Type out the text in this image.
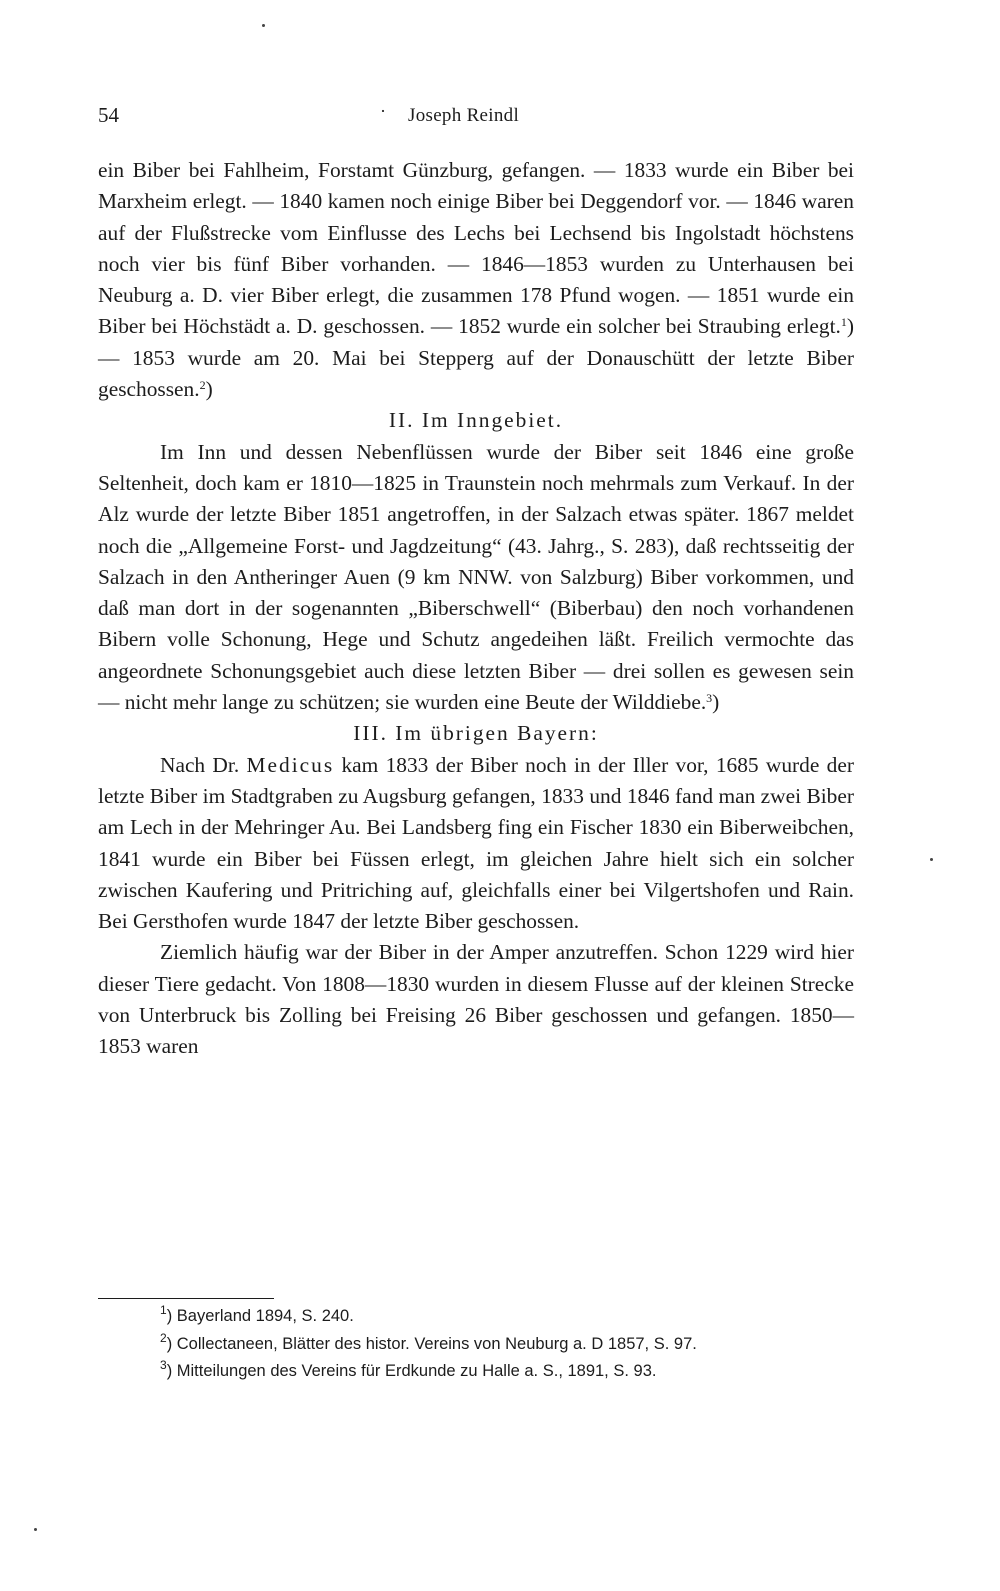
54	· Joseph Reindl

ein Biber bei Fahlheim, Forstamt Günzburg, gefangen. — 1833 wurde ein Biber bei Marxheim erlegt. — 1840 kamen noch einige Biber bei Deggendorf vor. — 1846 waren auf der Flußstrecke vom Einflusse des Lechs bei Lechsend bis Ingolstadt höchstens noch vier bis fünf Biber vorhanden. — 1846—1853 wurden zu Unterhausen bei Neuburg a. D. vier Biber erlegt, die zusammen 178 Pfund wogen. — 1851 wurde ein Biber bei Höchstädt a. D. geschossen. — 1852 wurde ein solcher bei Straubing erlegt.$^1$) — 1853 wurde am 20. Mai bei Stepperg auf der Donauschütt der letzte Biber geschossen.$^2$)

II. Im Inngebiet.

Im Inn und dessen Nebenflüssen wurde der Biber seit 1846 eine große Seltenheit, doch kam er 1810—1825 in Traunstein noch mehrmals zum Verkauf. In der Alz wurde der letzte Biber 1851 angetroffen, in der Salzach etwas später. 1867 meldet noch die „Allgemeine Forst- und Jagdzeitung“ (43. Jahrg., S. 283), daß rechtsseitig der Salzach in den Antheringer Auen (9 km NNW. von Salzburg) Biber vorkommen, und daß man dort in der sogenannten „Biberschwell“ (Biberbau) den noch vorhandenen Bibern volle Schonung, Hege und Schutz angedeihen läßt. Freilich vermochte das angeordnete Schonungsgebiet auch diese letzten Biber — drei sollen es gewesen sein — nicht mehr lange zu schützen; sie wurden eine Beute der Wilddiebe.$^3$)

III. Im übrigen Bayern:

Nach Dr. Medicus kam 1833 der Biber noch in der Iller vor, 1685 wurde der letzte Biber im Stadtgraben zu Augsburg gefangen, 1833 und 1846 fand man zwei Biber am Lech in der Mehringer Au. Bei Landsberg fing ein Fischer 1830 ein Biberweibchen, 1841 wurde ein Biber bei Füssen erlegt, im gleichen Jahre hielt sich ein solcher zwischen Kaufering und Pritriching auf, gleichfalls einer bei Vilgertshofen und Rain. Bei Gersthofen wurde 1847 der letzte Biber geschossen.

Ziemlich häufig war der Biber in der Amper anzutreffen. Schon 1229 wird hier dieser Tiere gedacht. Von 1808—1830 wurden in diesem Flusse auf der kleinen Strecke von Unterbruck bis Zolling bei Freising 26 Biber geschossen und gefangen. 1850—1853 waren

$^1$) Bayerland 1894, S. 240.
$^2$) Collectaneen, Blätter des histor. Vereins von Neuburg a. D 1857, S. 97.
$^3$) Mitteilungen des Vereins für Erdkunde zu Halle a. S., 1891, S. 93.
